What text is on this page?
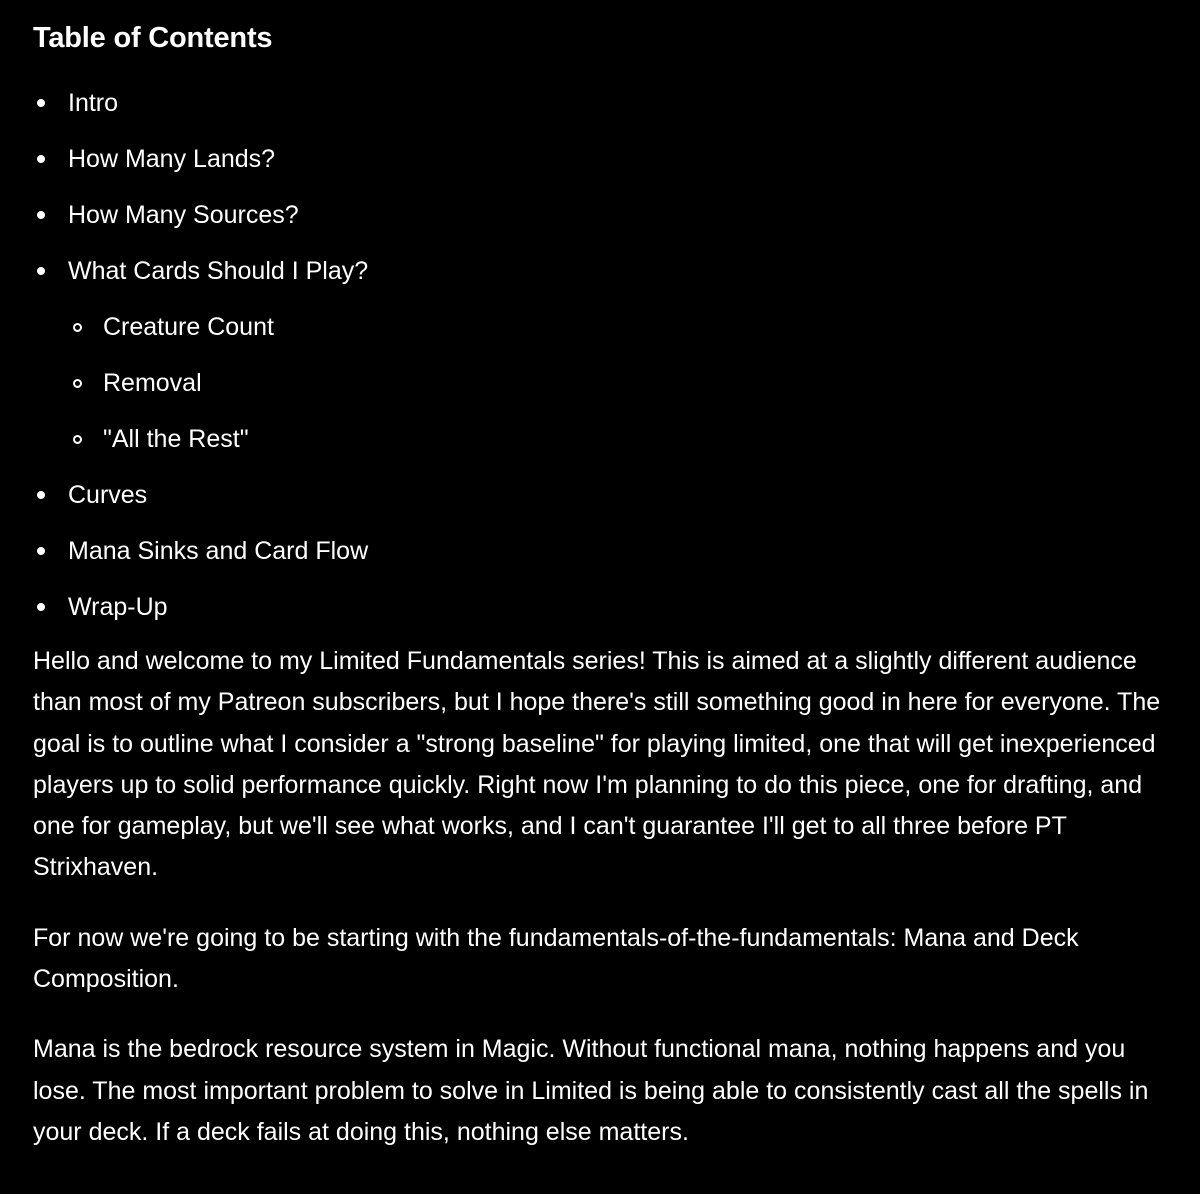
Table of Contents
Intro
How Many Lands?
How Many Sources?
What Cards Should I Play?
Creature Count
Removal
"All the Rest"
Curves
Mana Sinks and Card Flow
Wrap-Up

Hello and welcome to my Limited Fundamentals series! This is aimed at a slightly different audience than most of my Patreon subscribers, but I hope there's still something good in here for everyone. The goal is to outline what I consider a "strong baseline" for playing limited, one that will get inexperienced players up to solid performance quickly. Right now I'm planning to do this piece, one for drafting, and one for gameplay, but we'll see what works, and I can't guarantee I'll get to all three before PT Strixhaven.

For now we're going to be starting with the fundamentals-of-the-fundamentals: Mana and Deck Composition.

Mana is the bedrock resource system in Magic. Without functional mana, nothing happens and you lose. The most important problem to solve in Limited is being able to consistently cast all the spells in your deck. If a deck fails at doing this, nothing else matters.
